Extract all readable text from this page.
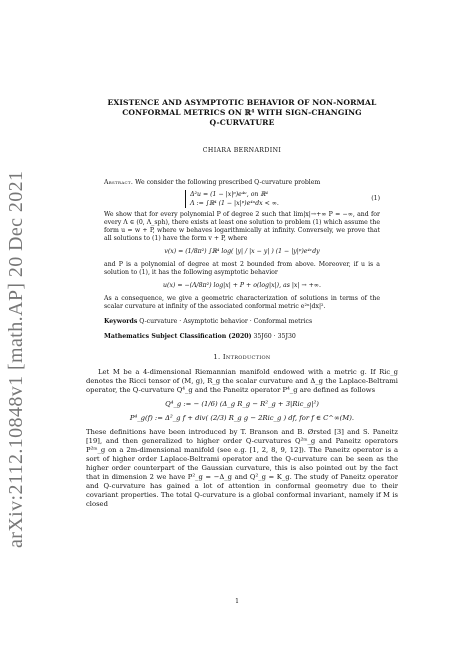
arXiv:2112.10848v1 [math.AP] 20 Dec 2021

EXISTENCE AND ASYMPTOTIC BEHAVIOR OF NON-NORMAL

CONFORMAL METRICS ON ℝ⁴ WITH SIGN-CHANGING

Q-CURVATURE

CHIARA BERNARDINI

Abstract. We consider the following prescribed Q-curvature problem

Δ²u = (1 − |x|ᵖ)e⁴ᵘ, on ℝ⁴
Λ := ∫ℝ⁴ (1 − |x|ᵖ)e⁴ᵘdx < ∞.
(1)

We show that for every polynomial P of degree 2 such that lim|x|→+∞ P = −∞, and for every Λ ∈ (0, Λ_sph), there exists at least one solution to problem (1) which assume the form u = w + P, where w behaves logarithmically at infinity. Conversely, we prove that all solutions to (1) have the form v + P, where

v(x) = (1/8π²) ∫ℝ⁴ log( |y| / |x − y| ) (1 − |y|ᵖ)e⁴ᵛdy

and P is a polynomial of degree at most 2 bounded from above. Moreover, if u is a solution to (1), it has the following asymptotic behavior

u(x) = −(Λ/8π²) log|x| + P + o(log|x|), as |x| → +∞.

As a consequence, we give a geometric characterization of solutions in terms of the scalar curvature at infinity of the associated conformal metric e²ᵘ|dx|².

Keywords Q-curvature · Asymptotic behavior · Conformal metrics
Mathematics Subject Classification (2020) 35J60 · 35J30
1. Introduction

Let M be a 4-dimensional Riemannian manifold endowed with a metric g. If Ric_g denotes the Ricci tensor of (M, g), R_g the scalar curvature and Δ_g the Laplace-Beltrami operator, the Q-curvature Q⁴_g and the Paneitz operator P⁴_g are defined as follows

Q⁴_g := − (1/6) (Δ_g R_g − R²_g + 3|Ric_g|²)
P⁴_g(f) := Δ²_g f + div( (2/3) R_g g − 2Ric_g ) df, for f ∈ C^∞(M).

These definitions have been introduced by T. Branson and B. Ørsted [3] and S. Paneitz [19], and then generalized to higher order Q-curvatures Q²ᵐ_g and Paneitz operators P²ᵐ_g on a 2m-dimensional manifold (see e.g. [1, 2, 8, 9, 12]). The Paneitz operator is a sort of higher order Laplace-Beltrami operator and the Q-curvature can be seen as the higher order counterpart of the Gaussian curvature, this is also pointed out by the fact that in dimension 2 we have P²_g = −Δ_g and Q²_g = K_g. The study of Paneitz operator and Q-curvature has gained a lot of attention in conformal geometry due to their covariant properties. The total Q-curvature is a global conformal invariant, namely if M is closed

1
